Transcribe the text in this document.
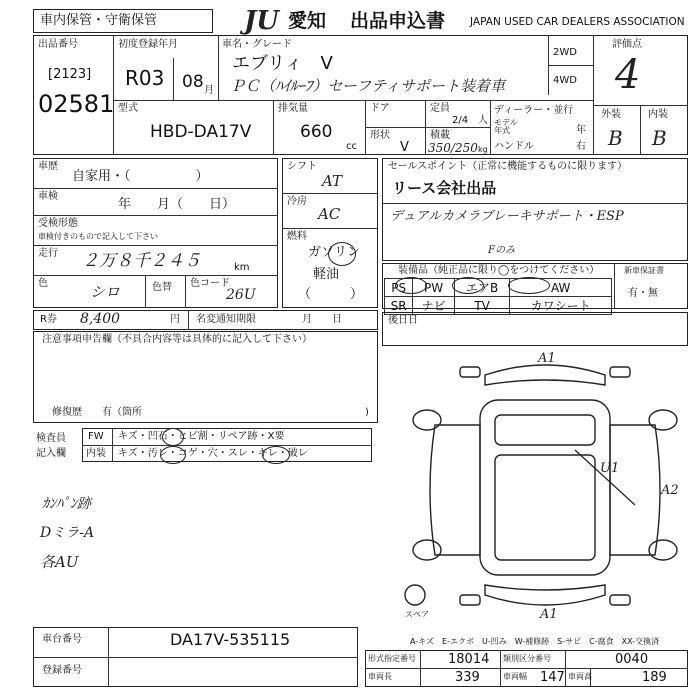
車内保管・守衛保管	JU 愛知 出品申込書 JAPAN USED CAR DEALERS ASSOCIATION
出品番号
[2123]
02581
初度登録年月
R03 08 月
車名・グレード
エブリィ　V
ＰＣ（ﾊｲﾙｰﾌ）セーフティサポート装着車
2WD
4WD
評価点
4
外装	内装
B B
型式
HBD-DA17V
排気量
660
cc
ドア
形状
V
定員
2/4 人
積載
350/250 kg
ディーラー・並行
モデル
年式	年
ハンドル	右
車歴
自家用・（　　　　　）
車検
年　　月（　　日）
受検形態
車検付きのもので記入して下さい
走行 ２万８千２４５	km
色	シロ	色替 色コード
26U
シフト
AT
冷房
AC
燃料
ガソリン
軽油
（　　　）
セールスポイント（正常に機能するものに限ります）
リース会社出品
デュアルカメラブレーキサポート・ESP
Fのみ
装備品（純正品に限り◯をつけてください）
PS	PW	エアB	AW
SR	ナビ	TV	カワシート
新車保証書
有・無
R券 8,400	円 名変通知期限	月　　日	後日日
注意事項申告欄（不具合内容等は具体的に記入して下さい）
修復歴　　有（箇所	)
検査員
記入欄
FW キズ・凹石・ヒビ割・リペア跡・X要
内装 キズ・汚レ・コゲ・穴・スレ・キレ・破レ
ｶﾝﾊﾟﾝ跡
Dミラ-A
各AU
A1
A1
U1
A2
スペア
A-キズ　E-エクボ　U-凹み　W-補修跡　S-サビ　C-腐食　XX-交換済
車台番号	DA17V-535115
登録番号
形式指定番号 18014 類別区分番号	0040
車両長	339	車両幅 147 車両高	189
